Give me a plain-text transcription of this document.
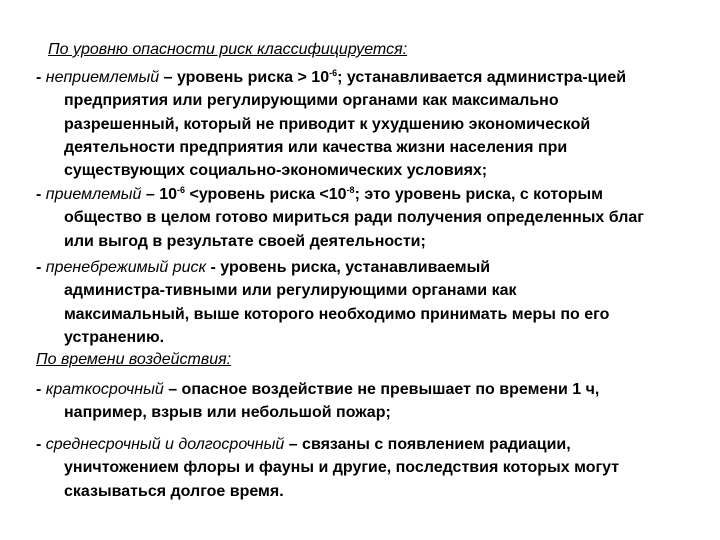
По уровню опасности риск классифицируется:
- неприемлемый – уровень риска > $10^{-6}$; устанавливается администра-цией
предприятия или регулирующими органами как максимально
разрешенный, который не приводит к ухудшению экономической
деятельности предприятия или качества жизни населения при
существующих социально-экономических условиях;
- приемлемый – $10^{-6}$ <уровень риска $<10^{-8}$; это уровень риска, с которым
общество в целом готово мириться ради получения определенных благ
или выгод в результате своей деятельности;
- пренебрежимый риск - уровень риска, устанавливаемый
администра-тивными или регулирующими органами как
максимальный, выше которого необходимо принимать меры по его
устранению.
По времени воздействия:
- краткосрочный – опасное воздействие не превышает по времени 1 ч,
например, взрыв или небольшой пожар;
- среднесрочный и долгосрочный – связаны с появлением радиации,
уничтожением флоры и фауны и другие, последствия которых могут
сказываться долгое время.
